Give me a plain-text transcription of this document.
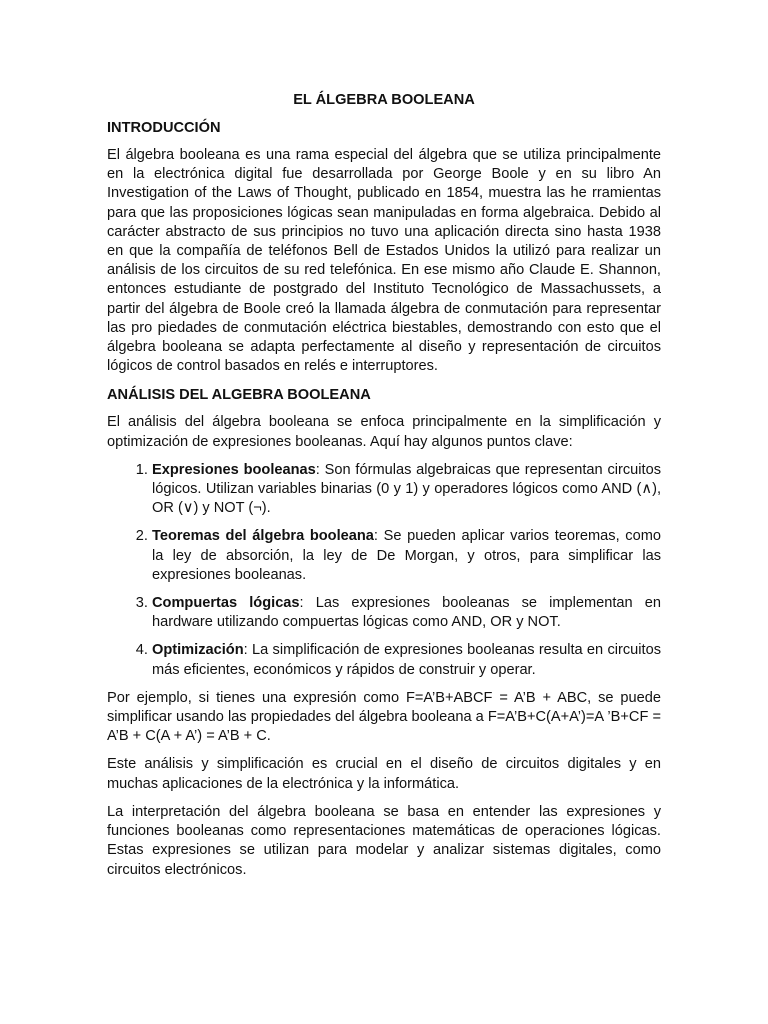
EL ÁLGEBRA BOOLEANA
INTRODUCCIÓN

El álgebra booleana es una rama especial del álgebra que se utiliza principalmente en la electrónica digital fue desarrollada por George Boole y en su libro An Investigation of the Laws of Thought, publicado en 1854, muestra las he rramientas para que las proposiciones lógicas sean manipuladas en forma algebraica. Debido al carácter abstracto de sus principios no tuvo una aplicación directa sino hasta 1938 en que la compañía de teléfonos Bell de Estados Unidos la utilizó para realizar un análisis de los circuitos de su red telefónica. En ese mismo año Claude E. Shannon, entonces estudiante de postgrado del Instituto Tecnológico de Massachussets, a partir del álgebra de Boole creó la llamada álgebra de conmutación para representar las pro piedades de conmutación eléctrica biestables, demostrando con esto que el álgebra booleana se adapta perfectamente al diseño y representación de circuitos lógicos de control basados en relés e interruptores.

ANÁLISIS DEL ALGEBRA BOOLEANA

El análisis del álgebra booleana se enfoca principalmente en la simplificación y optimización de expresiones booleanas. Aquí hay algunos puntos clave:

1. Expresiones booleanas: Son fórmulas algebraicas que representan circuitos lógicos. Utilizan variables binarias (0 y 1) y operadores lógicos como AND (∧), OR (∨) y NOT (¬).
2. Teoremas del álgebra booleana: Se pueden aplicar varios teoremas, como la ley de absorción, la ley de De Morgan, y otros, para simplificar las expresiones booleanas.
3. Compuertas lógicas: Las expresiones booleanas se implementan en hardware utilizando compuertas lógicas como AND, OR y NOT.
4. Optimización: La simplificación de expresiones booleanas resulta en circuitos más eficientes, económicos y rápidos de construir y operar.

Por ejemplo, si tienes una expresión como F=A’B+ABCF = A’B + ABC, se puede simplificar usando las propiedades del álgebra booleana a F=A’B+C(A+A’)=A ’B+CF = A’B + C(A + A’) = A’B + C.

Este análisis y simplificación es crucial en el diseño de circuitos digitales y en muchas aplicaciones de la electrónica y la informática.

La interpretación del álgebra booleana se basa en entender las expresiones y funciones booleanas como representaciones matemáticas de operaciones lógicas. Estas expresiones se utilizan para modelar y analizar sistemas digitales, como circuitos electrónicos.
